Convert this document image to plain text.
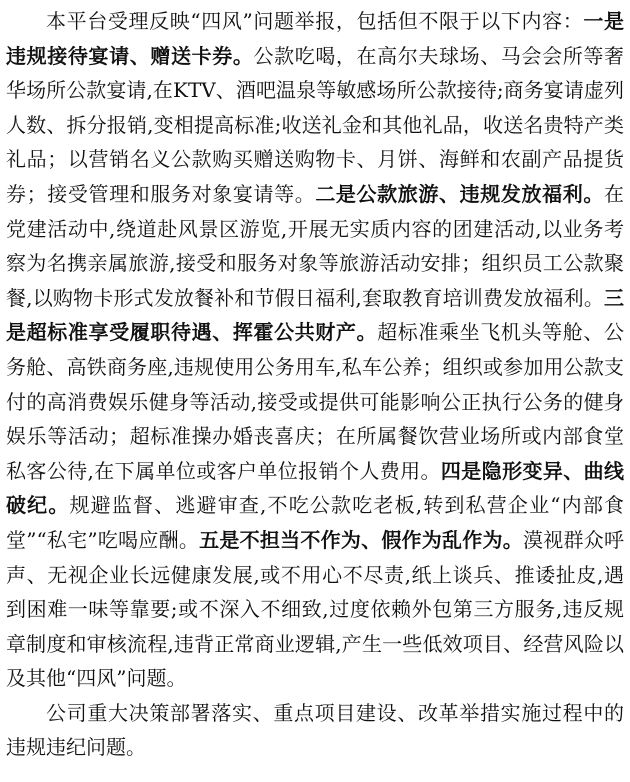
本平台受理反映“四风”问题举报，包括但不限于以下内容：一是违规接待宴请、赠送卡券。公款吃喝，在高尔夫球场、马会会所等奢华场所公款宴请,在KTV、酒吧温泉等敏感场所公款接待;商务宴请虚列人数、拆分报销,变相提高标准;收送礼金和其他礼品，收送名贵特产类礼品；以营销名义公款购买赠送购物卡、月饼、海鲜和农副产品提货券；接受管理和服务对象宴请等。二是公款旅游、违规发放福利。在党建活动中,绕道赴风景区游览,开展无实质内容的团建活动,以业务考察为名携亲属旅游,接受和服务对象等旅游活动安排；组织员工公款聚餐,以购物卡形式发放餐补和节假日福利,套取教育培训费发放福利。三是超标准享受履职待遇、挥霍公共财产。超标准乘坐飞机头等舱、公务舱、高铁商务座,违规使用公务用车,私车公养；组织或参加用公款支付的高消费娱乐健身等活动,接受或提供可能影响公正执行公务的健身娱乐等活动；超标准操办婚丧喜庆；在所属餐饮营业场所或内部食堂私客公待,在下属单位或客户单位报销个人费用。四是隐形变异、曲线破纪。规避监督、逃避审查,不吃公款吃老板,转到私营企业“内部食堂”“私宅”吃喝应酬。五是不担当不作为、假作为乱作为。漠视群众呼声、无视企业长远健康发展,或不用心不尽责,纸上谈兵、推诿扯皮,遇到困难一味等靠要;或不深入不细致,过度依赖外包第三方服务,违反规章制度和审核流程,违背正常商业逻辑,产生一些低效项目、经营风险以及其他“四风”问题。

公司重大决策部署落实、重点项目建设、改革举措实施过程中的违规违纪问题。
